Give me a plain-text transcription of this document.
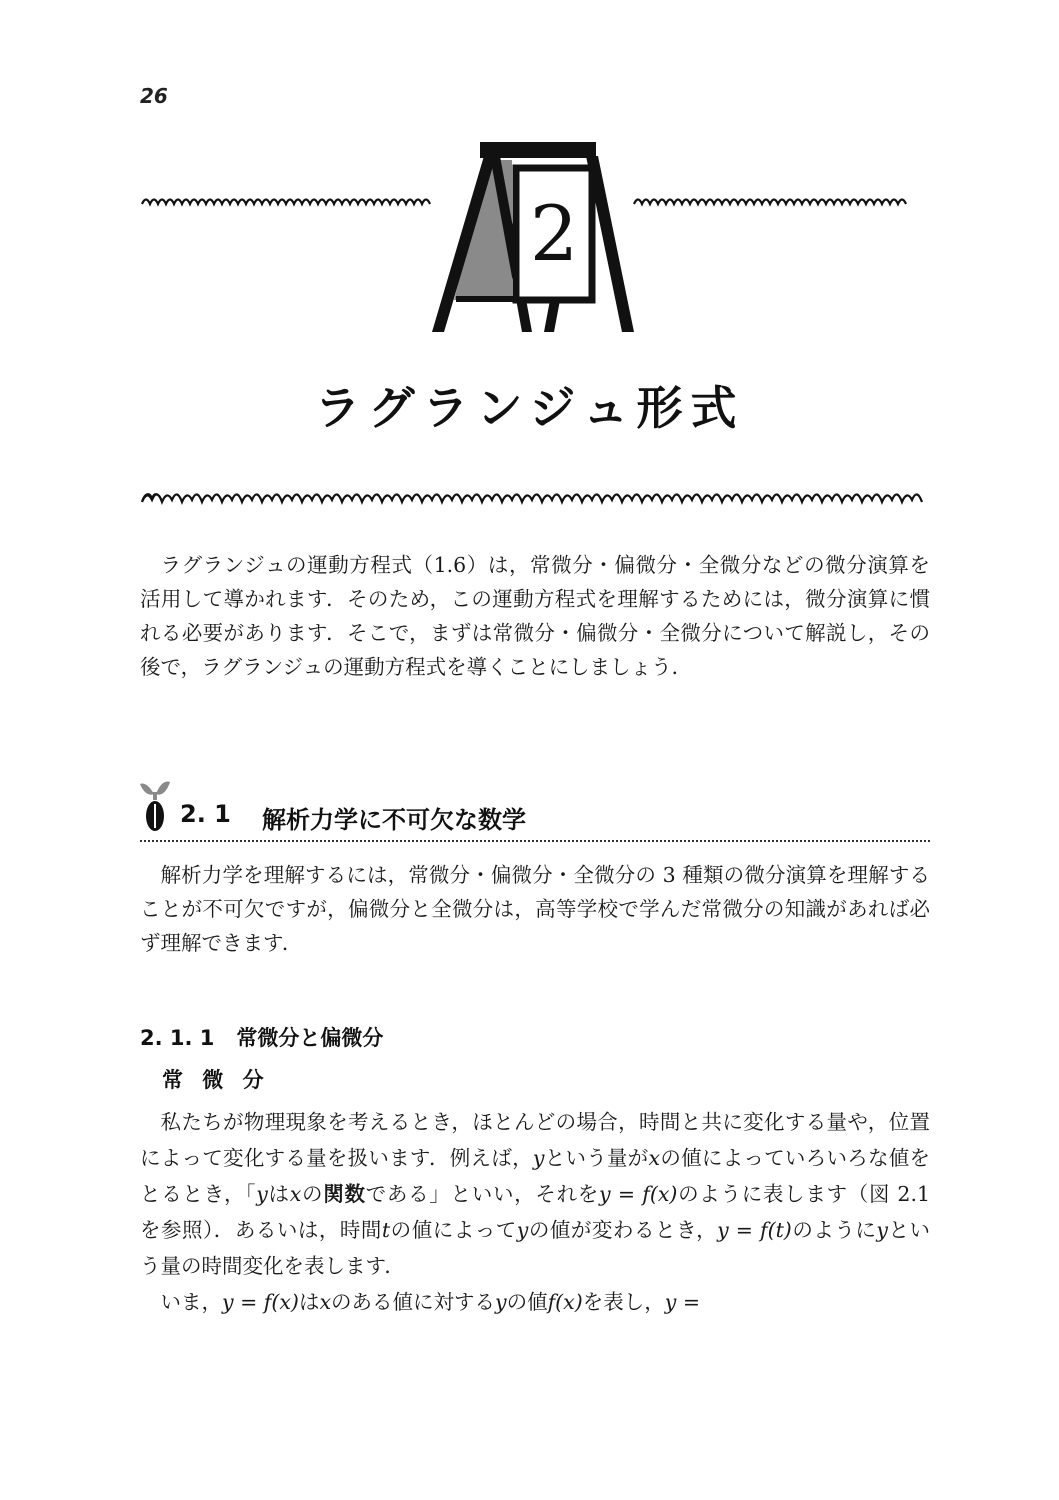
26
2
ラグランジュ形式

ラグランジュの運動方程式（1.6）は，常微分・偏微分・全微分などの微分演算を活用して導かれます．そのため，この運動方程式を理解するためには，微分演算に慣れる必要があります．そこで，まずは常微分・偏微分・全微分について解説し，その後で，ラグランジュの運動方程式を導くことにしましょう．

2. 1 解析力学に不可欠な数学

解析力学を理解するには，常微分・偏微分・全微分の 3 種類の微分演算を理解することが不可欠ですが，偏微分と全微分は，高等学校で学んだ常微分の知識があれば必ず理解できます．

2. 1. 1 常微分と偏微分
常 微 分

私たちが物理現象を考えるとき，ほとんどの場合，時間と共に変化する量や，位置によって変化する量を扱います．例えば，yという量がxの値によっていろいろな値をとるとき，「yはxの関数である」といい，それをy = f(x)のように表します（図 2.1 を参照）．あるいは，時間tの値によってyの値が変わるとき，y = f(t)のようにyという量の時間変化を表します．
いま，y = f(x)はxのある値に対するyの値f(x)を表し，y =
